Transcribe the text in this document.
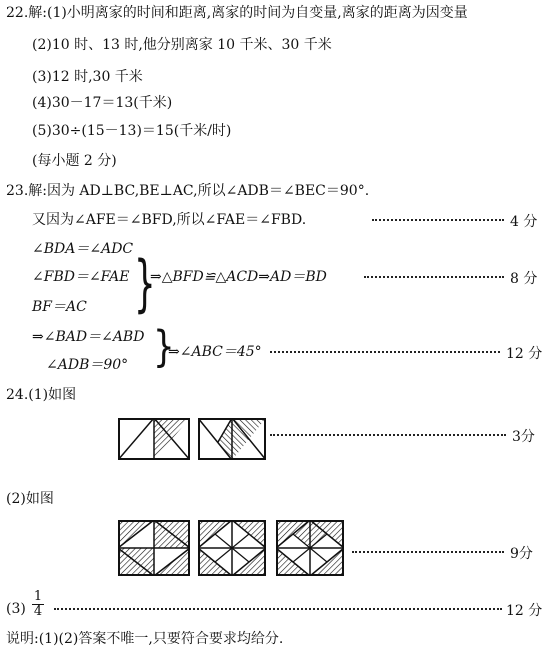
22.解:(1)小明离家的时间和距离,离家的时间为自变量,离家的距离为因变量
(2)10 时、13 时,他分别离家 10 千米、30 千米
(3)12 时,30 千米
(4)30－17＝13(千米)
(5)30÷(15－13)＝15(千米/时)
(每小题 2 分)
23.解:因为 AD⊥BC,BE⊥AC,所以∠ADB＝∠BEC＝90°.
又因为∠AFE＝∠BFD,所以∠FAE＝∠FBD.	4 分
∠BDA＝∠ADC
∠FBD＝∠FAE
BF＝AC }
⇒△BFD≌△ACD⇒AD＝BD	8 分
⇒∠BAD＝∠ABD
∠ADB＝90° }
⇒∠ABC＝45°	12 分
24.(1)如图
3分
(2)如图
9分
$(3) \frac{1}{4}$	12 分
说明:(1)(2)答案不唯一,只要符合要求均给分.
